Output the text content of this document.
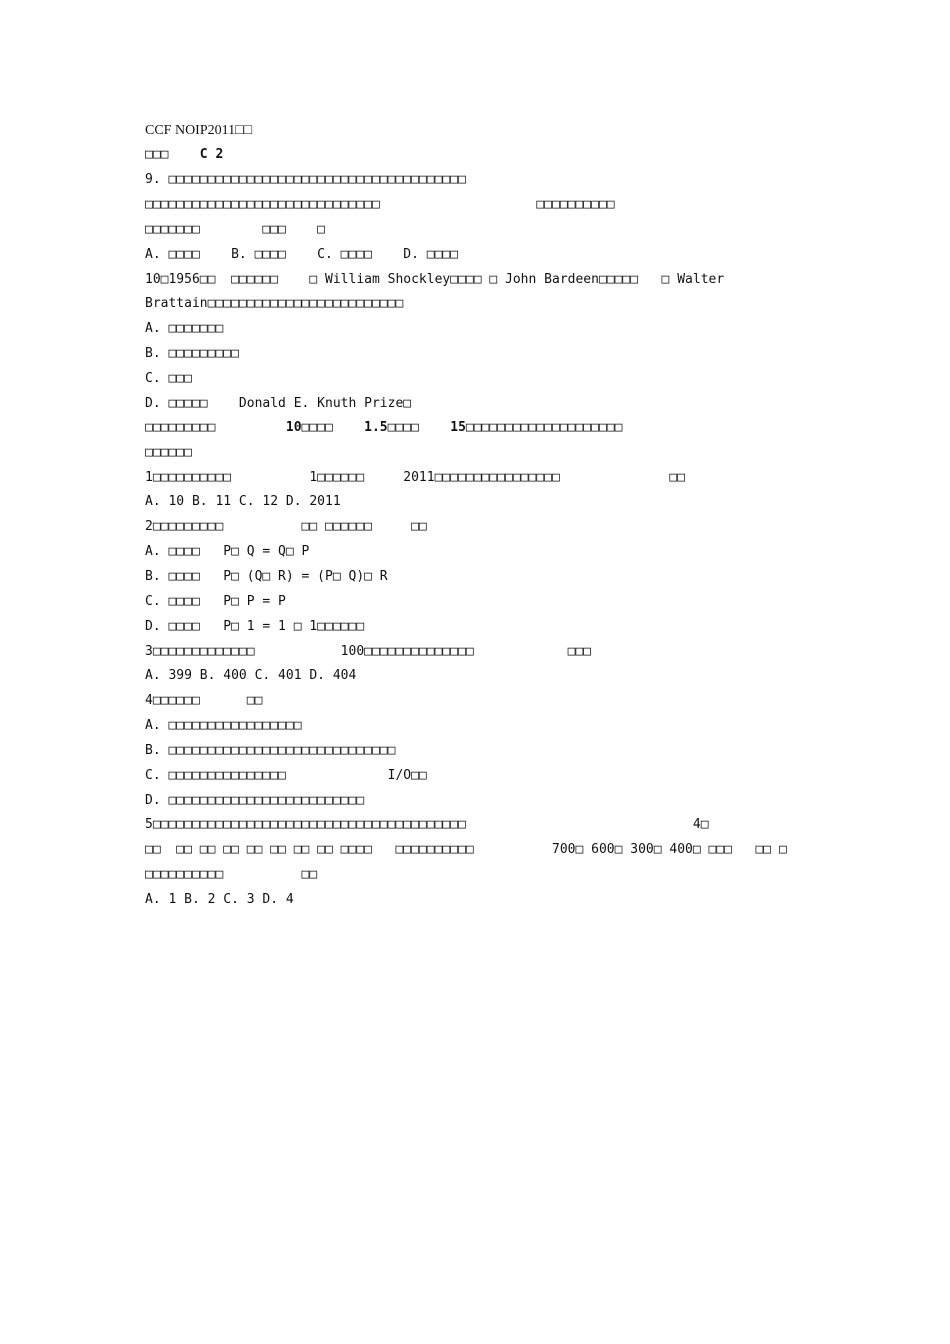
CCF NOIP2011□□
□□□    C 2
9. □□□□□□□□□□□□□□□□□□□□□□□□□□□□□□□□□□□□□□
□□□□□□□□□□□□□□□□□□□□□□□□□□□□□□                    □□□□□□□□□□
□□□□□□□        □□□    □
A. □□□□    B. □□□□    C. □□□□    D. □□□□
10□1956□□  □□□□□□    □ William Shockley□□□□ □ John Bardeen□□□□□   □ Walter
Brattain□□□□□□□□□□□□□□□□□□□□□□□□□
A. □□□□□□□
B. □□□□□□□□□
C. □□□
D. □□□□□    Donald E. Knuth Prize□
□□□□□□□□□         10□□□□    1.5□□□□    15□□□□□□□□□□□□□□□□□□□□
□□□□□□
1□□□□□□□□□□          1□□□□□□     2011□□□□□□□□□□□□□□□□              □□
A. 10 B. 11 C. 12 D. 2011
2□□□□□□□□□          □□ □□□□□□     □□
A. □□□□   P□ Q = Q□ P
B. □□□□   P□ (Q□ R) = (P□ Q)□ R
C. □□□□   P□ P = P
D. □□□□   P□ 1 = 1 □ 1□□□□□□
3□□□□□□□□□□□□□           100□□□□□□□□□□□□□□            □□□
A. 399 B. 400 C. 401 D. 404
4□□□□□□      □□
A. □□□□□□□□□□□□□□□□□
B. □□□□□□□□□□□□□□□□□□□□□□□□□□□□□
C. □□□□□□□□□□□□□□□             I/O□□
D. □□□□□□□□□□□□□□□□□□□□□□□□□
5□□□□□□□□□□□□□□□□□□□□□□□□□□□□□□□□□□□□□□□□                             4□
□□  □□ □□ □□ □□ □□ □□ □□ □□□□   □□□□□□□□□□          700□ 600□ 300□ 400□ □□□   □□ □
□□□□□□□□□□          □□
A. 1 B. 2 C. 3 D. 4
